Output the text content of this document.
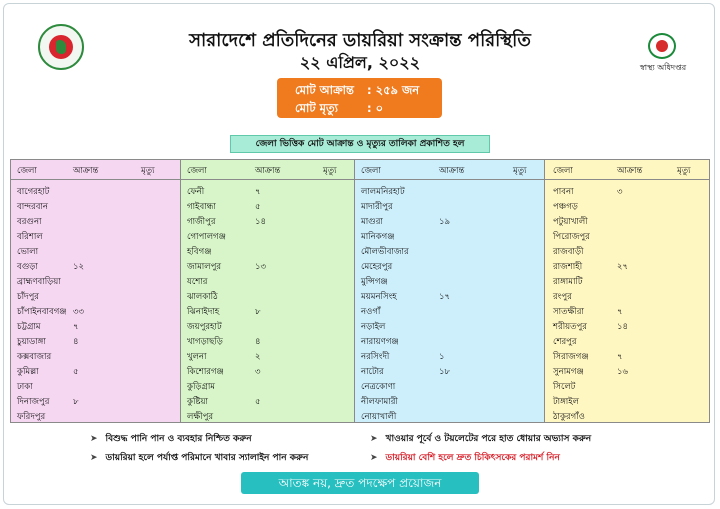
স্বাস্থ্য অধিদপ্তর
সারাদেশে প্রতিদিনের ডায়রিয়া সংক্রান্ত পরিস্থিতি
২২ এপ্রিল, ২০২২
মোট আক্রান্ত : ২৫৯ জন
মোট মৃত্যু	: ০
জেলা ভিত্তিক মোট আক্রান্ত ও মৃত্যুর তালিকা প্রকাশিত হল
জেলা	আক্রান্ত	মৃত্যু
বাগেরহাট
বান্দরবান
বরগুনা
বরিশাল
ভোলা
বগুড়া	১২
ব্রাহ্মণবাড়িয়া
চাঁদপুর
চাঁপাইনবাবগঞ্জ ৩৩
চট্টগ্রাম	৭
চুয়াডাঙ্গা	৪
কক্সবাজার
কুমিল্লা	৫
ঢাকা
দিনাজপুর	৮
ফরিদপুর
জেলা	আক্রান্ত	মৃত্যু
ফেনী	৭
গাইবান্ধা	৫
গাজীপুর	১৪
গোপালগঞ্জ
হবিগঞ্জ
জামালপুর	১৩
যশোর
ঝালকাঠি
ঝিনাইদাহ	৮
জয়পুরহাট
খাগড়াছড়ি	৪
খুলনা	২
কিশোরগঞ্জ	৩
কুড়িগ্রাম
কুষ্টিয়া	৫
লক্ষীপুর
জেলা	আক্রান্ত	মৃত্যু
লালমনিরহাট
মাদারীপুর
মাগুরা	১৯
মানিকগঞ্জ
মৌলভীবাজার
মেহেরপুর
মুন্সিগঞ্জ
ময়মনসিংহ	১৭
নওগাঁ
নড়াইল
নারায়ণগঞ্জ
নরসিংদী	১
নাটোর	১৮
নেত্রকোণা
নীলফামারী
নোয়াখালী
জেলা	আক্রান্ত	মৃত্যু
পাবনা	৩
পঞ্চগড়
পটুয়াখালী
পিরোজপুর
রাজবাড়ী
রাজশাহী	২৭
রাঙ্গামাটি
রংপুর
সাতক্ষীরা	৭
শরীয়তপুর	১৪
শেরপুর
সিরাজগঞ্জ	৭
সুনামগঞ্জ	১৬
সিলেট
টাঙ্গাইল
ঠাকুরগাঁও
➤ বিশুদ্ধ পানি পান ও ব্যবহার নিশ্চিত করুন	➤ খাওয়ার পূর্বে ও টয়লেটের পরে হাত ধোয়ার অভ্যাস করুন
➤ ডায়রিয়া হলে পর্যাপ্ত পরিমানে খাবার স্যালাইন পান করুন	➤ ডায়রিয়া বেশি হলে দ্রুত চিকিৎসকের পরামর্শ নিন
আতঙ্ক নয়, দ্রুত পদক্ষেপ প্রয়োজন
